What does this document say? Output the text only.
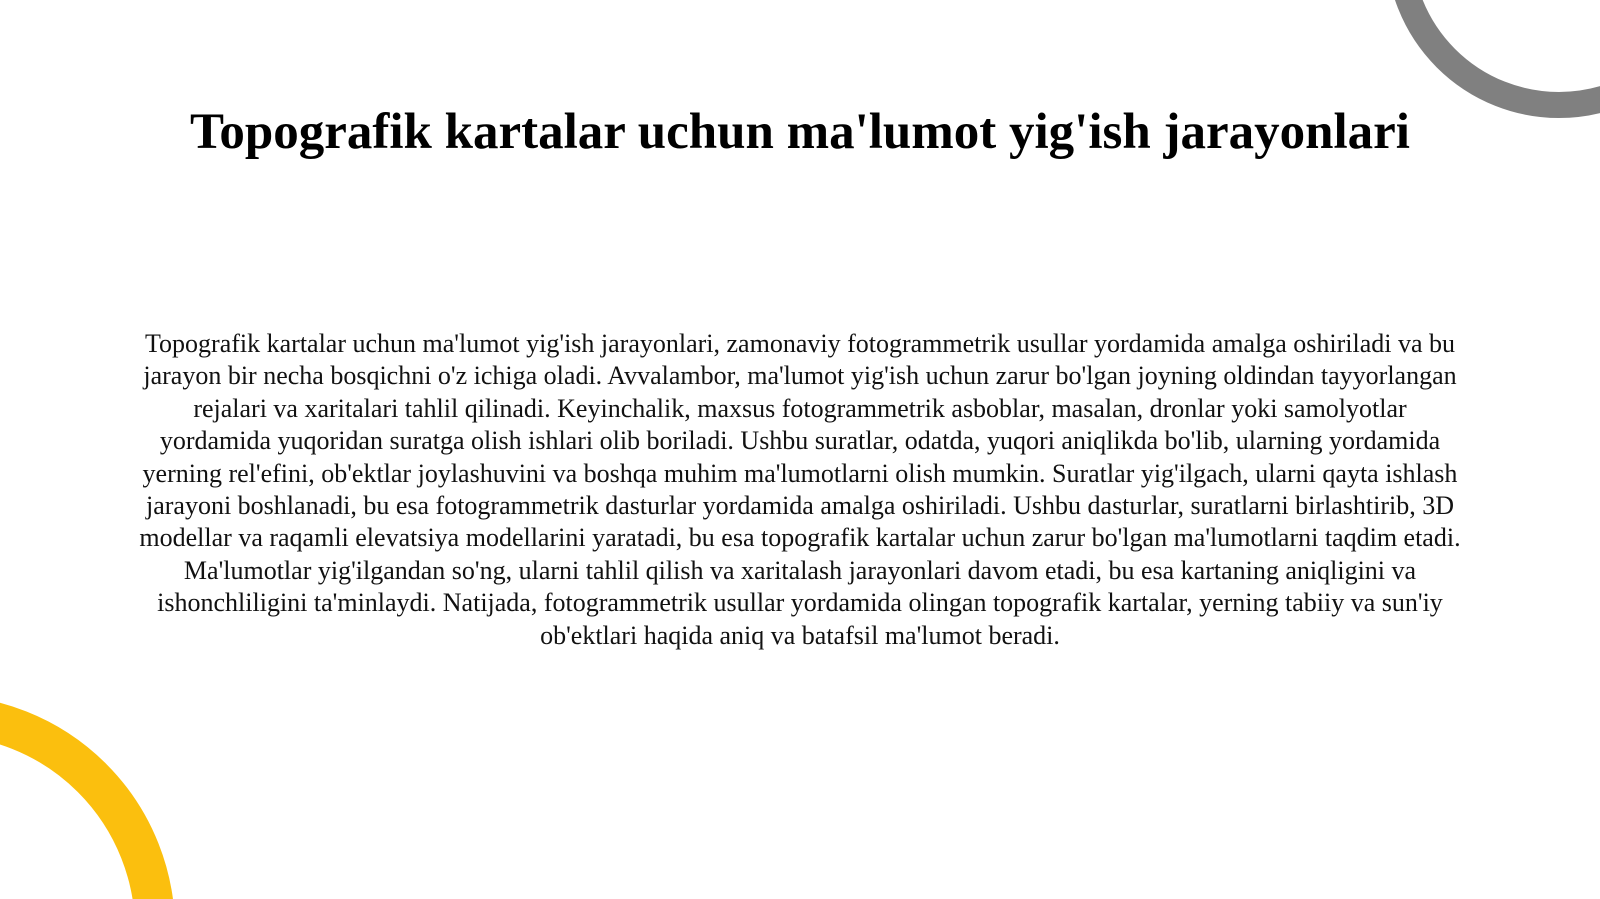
Topografik kartalar uchun ma'lumot yig'ish jarayonlari

Topografik kartalar uchun ma'lumot yig'ish jarayonlari, zamonaviy fotogrammetrik usullar yordamida amalga oshiriladi va bu jarayon bir necha bosqichni o'z ichiga oladi. Avvalambor, ma'lumot yig'ish uchun zarur bo'lgan joyning oldindan tayyorlangan rejalari va xaritalari tahlil qilinadi. Keyinchalik, maxsus fotogrammetrik asboblar, masalan, dronlar yoki samolyotlar yordamida yuqoridan suratga olish ishlari olib boriladi. Ushbu suratlar, odatda, yuqori aniqlikda bo'lib, ularning yordamida yerning rel'efini, ob'ektlar joylashuvini va boshqa muhim ma'lumotlarni olish mumkin. Suratlar yig'ilgach, ularni qayta ishlash jarayoni boshlanadi, bu esa fotogrammetrik dasturlar yordamida amalga oshiriladi. Ushbu dasturlar, suratlarni birlashtirib, 3D modellar va raqamli elevatsiya modellarini yaratadi, bu esa topografik kartalar uchun zarur bo'lgan ma'lumotlarni taqdim etadi. Ma'lumotlar yig'ilgandan so'ng, ularni tahlil qilish va xaritalash jarayonlari davom etadi, bu esa kartaning aniqligini va ishonchliligini ta'minlaydi. Natijada, fotogrammetrik usullar yordamida olingan topografik kartalar, yerning tabiiy va sun'iy ob'ektlari haqida aniq va batafsil ma'lumot beradi.
